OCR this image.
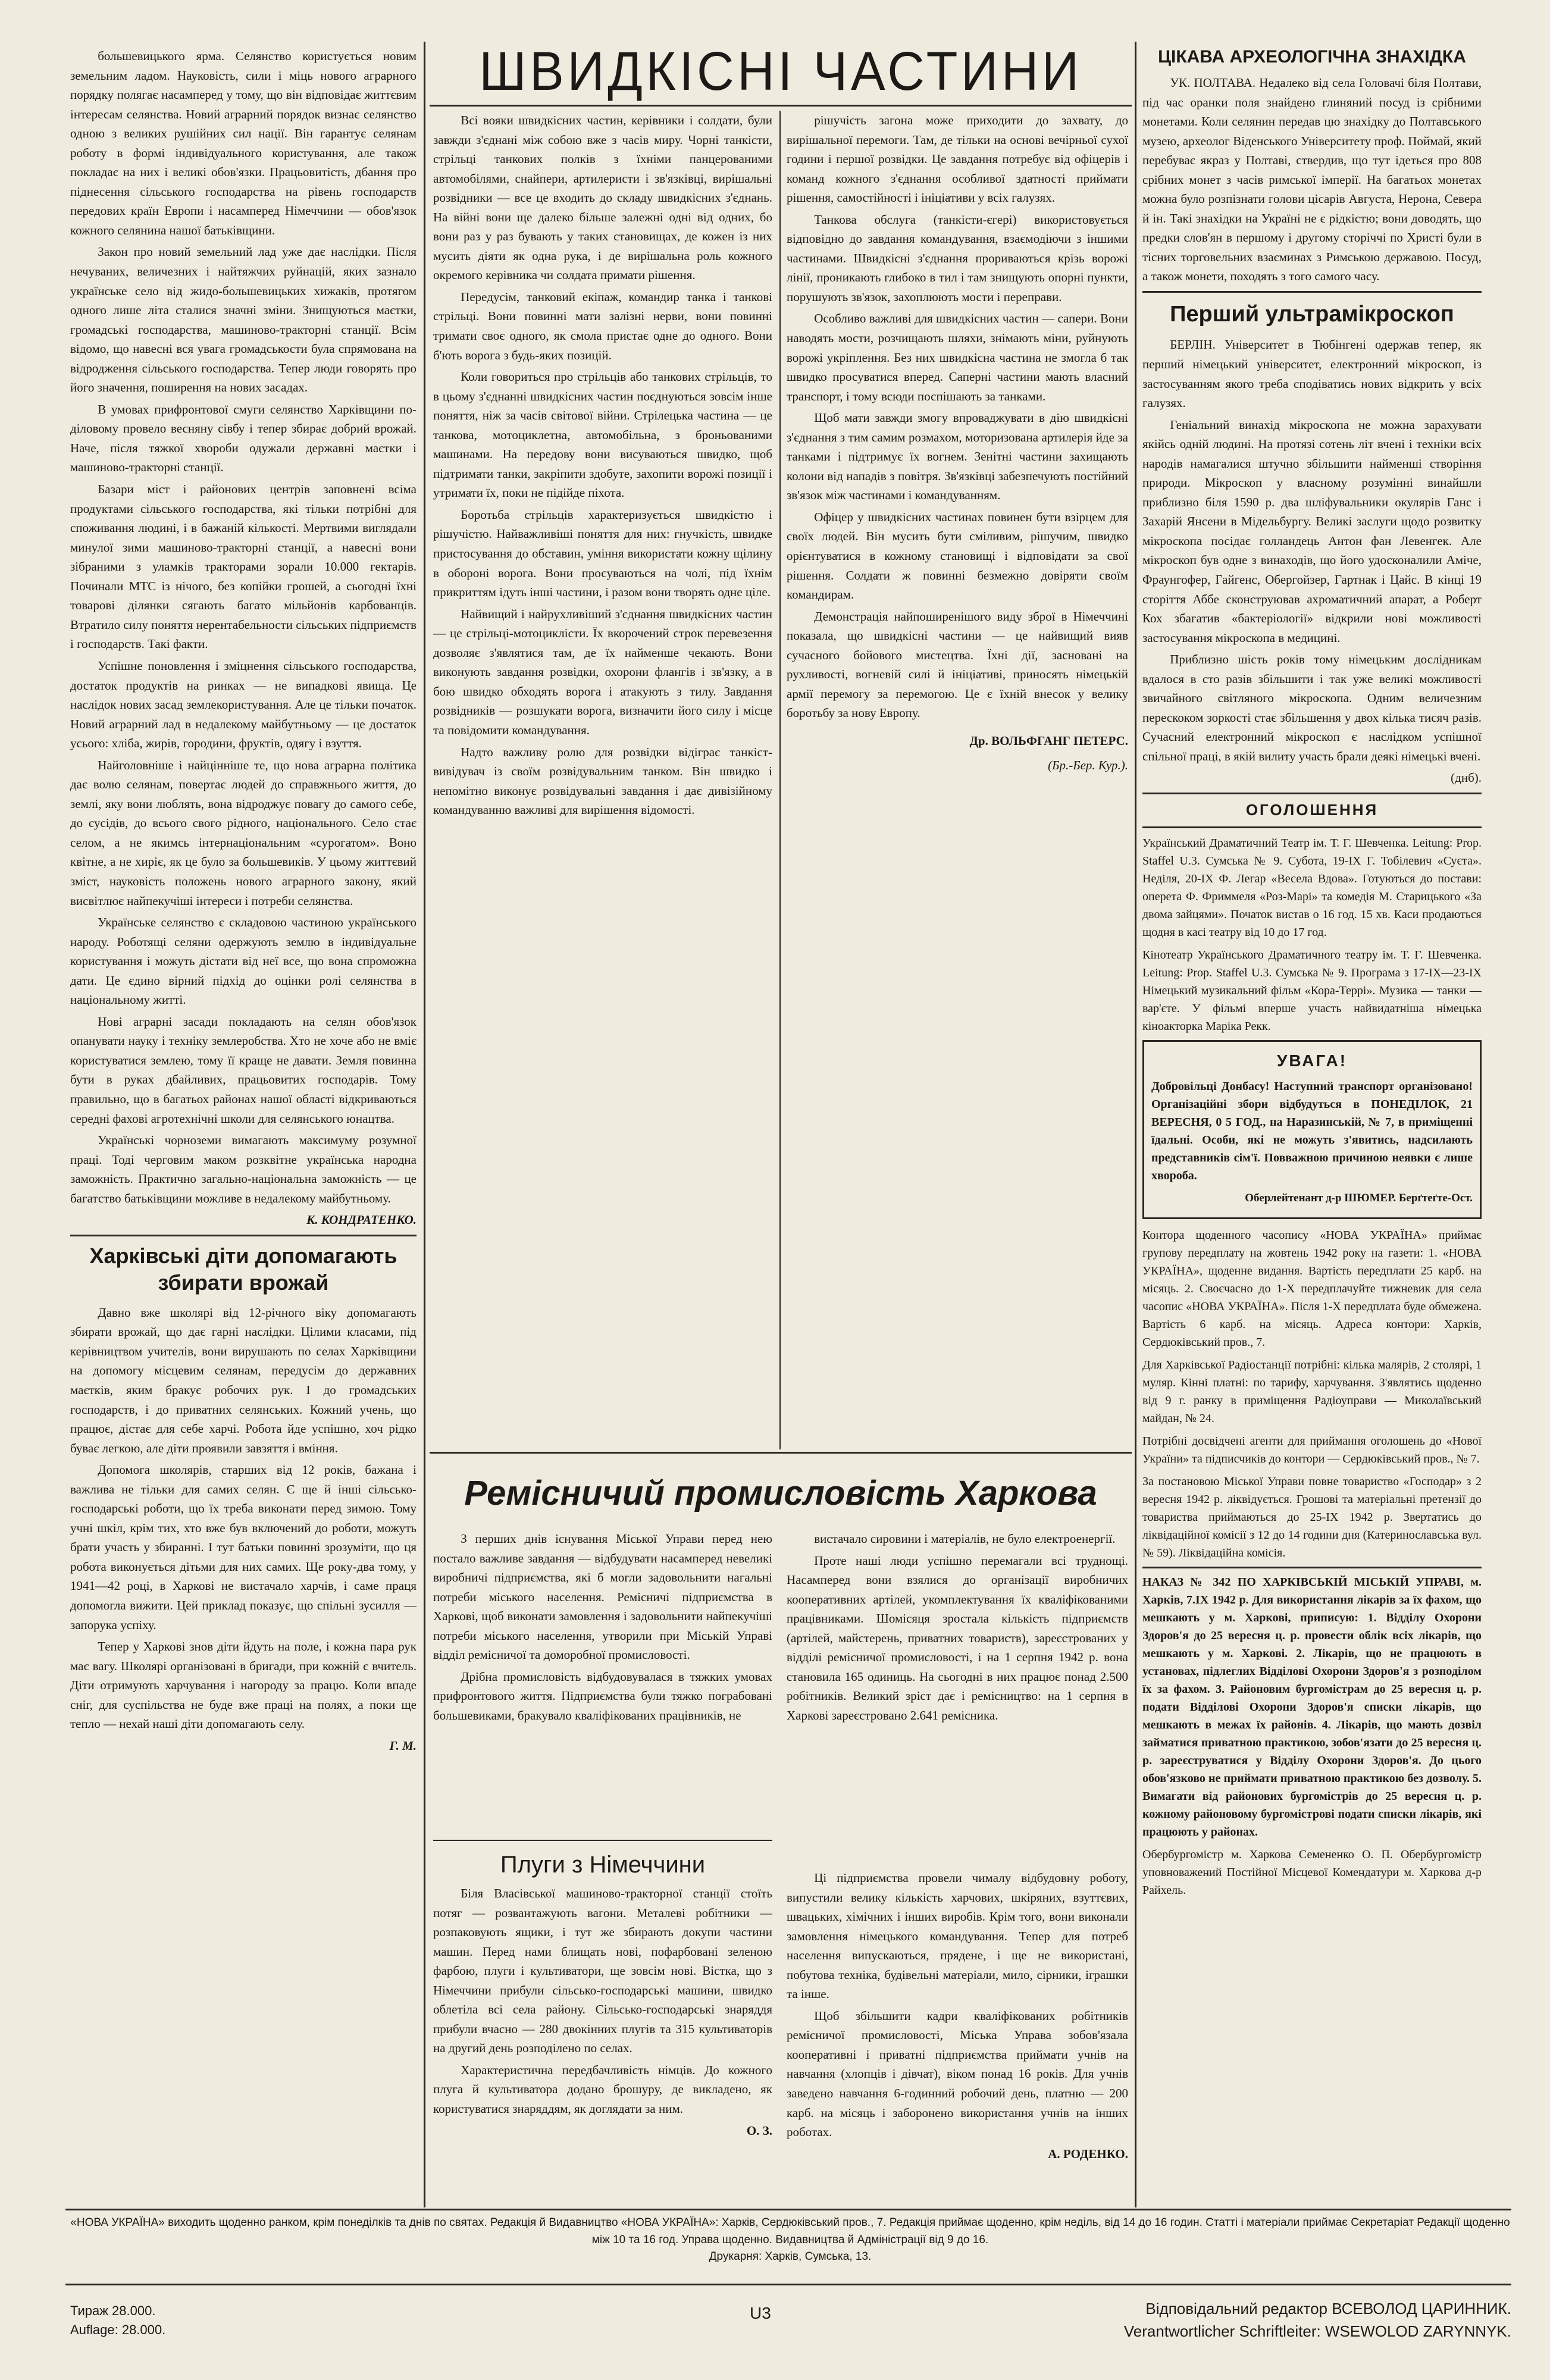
большевицького ярма. Селянство користується новим земельним ладом. Науковість, сили і міць нового аграрного порядку полягає насамперед у тому, що він відповідає життєвим інтересам селянства. Новий аграрний порядок визнає селянство одною з великих рушійних сил нації. Він гарантує селянам роботу в формі індивідуального користування, але також покладає на них і великі обов'язки. Працьовитість, дбання про піднесення сільського господарства на рівень господарств передових країн Европи і насамперед Німеччини — обов'язок кожного селянина нашої батьківщини.

Закон про новий земельний лад уже дає наслідки. Після нечуваних, величезних і найтяжчих руйнацій, яких зазнало українське село від жидо-большевицьких хижаків, протягом одного лише літа сталися значні зміни. Знищуються маєтки, громадські господарства, машиново-тракторні станції. Всім відомо, що навесні вся увага громадськости була спрямована на відродження сільського господарства. Тепер люди говорять про його значення, поширення на нових засадах.

В умовах прифронтової смуги селянство Харківщини по-діловому провело весняну сівбу і тепер збирає добрий врожай. Наче, після тяжкої хвороби одужали державні маєтки і машиново-тракторні станції.

Базари міст і районових центрів заповнені всіма продуктами сільського господарства, які тільки потрібні для споживання людині, і в бажаній кількості. Мертвими виглядали минулої зими машиново-тракторні станції, а навесні вони зібраними з уламків тракторами зорали 10.000 гектарів. Починали МТС із нічого, без копійки грошей, а сьогодні їхні товарові ділянки сягають багато мільйонів карбованців. Втратило силу поняття нерентабельности сільських підприємств і господарств. Такі факти.

Успішне поновлення і зміцнення сільського господарства, достаток продуктів на ринках — не випадкові явища. Це наслідок нових засад землекористування. Але це тільки початок. Новий аграрний лад в недалекому майбутньому — це достаток усього: хліба, жирів, городини, фруктів, одягу і взуття.

Найголовніше і найцінніше те, що нова аграрна політика дає волю селянам, повертає людей до справжнього життя, до землі, яку вони люблять, вона відроджує повагу до самого себе, до сусідів, до всього свого рідного, національного. Село стає селом, а не якимсь інтернаціональним «сурогатом». Воно квітне, а не хиріє, як це було за большевиків. У цьому життєвий зміст, науковість положень нового аграрного закону, який висвітлює найпекучіші інтереси і потреби селянства.

Українське селянство є складовою частиною українського народу. Роботящі селяни одержують землю в індивідуальне користування і можуть дістати від неї все, що вона спроможна дати. Це єдино вірний підхід до оцінки ролі селянства в національному житті.

Нові аграрні засади покладають на селян обов'язок опанувати науку і техніку землеробства. Хто не хоче або не вміє користуватися землею, тому її краще не давати. Земля повинна бути в руках дбайливих, працьовитих господарів. Тому правильно, що в багатьох районах нашої області відкриваються середні фахові агротехнічні школи для селянського юнацтва.

Українські чорноземи вимагають максимуму розумної праці. Тоді черговим маком розквітне українська народна заможність. Практично загально-національна заможність — це багатство батьківщини можливе в недалекому майбутньому.

К. КОНДРАТЕНКО.
Харківські діти допомагають збирати врожай

Давно вже школярі від 12-річного віку допомагають збирати врожай, що дає гарні наслідки. Цілими класами, під керівництвом учителів, вони вирушають по селах Харківщини на допомогу місцевим селянам, передусім до державних маєтків, яким бракує робочих рук. І до громадських господарств, і до приватних селянських. Кожний учень, що працює, дістає для себе харчі. Робота йде успішно, хоч рідко буває легкою, але діти проявили завзяття і вміння.

Допомога школярів, старших від 12 років, бажана і важлива не тільки для самих селян. Є ще й інші сільсько-господарські роботи, що їх треба виконати перед зимою. Тому учні шкіл, крім тих, хто вже був включений до роботи, можуть брати участь у збиранні. І тут батьки повинні зрозуміти, що ця робота виконується дітьми для них самих. Ще року-два тому, у 1941—42 році, в Харкові не вистачало харчів, і саме праця допомогла вижити. Цей приклад показує, що спільні зусилля — запорука успіху.

Тепер у Харкові знов діти йдуть на поле, і кожна пара рук має вагу. Школярі організовані в бригади, при кожній є вчитель. Діти отримують харчування і нагороду за працю. Коли впаде сніг, для суспільства не буде вже праці на полях, а поки ще тепло — нехай наші діти допомагають селу.

Г. М.
ШВИДКІСНІ ЧАСТИНИ

Всі вояки швидкісних частин, керівники і солдати, були завжди з'єднані між собою вже з часів миру. Чорні танкісти, стрільці танкових полків з їхніми панцерованими автомобілями, снайпери, артилеристи і зв'язківці, вирішальні розвідники — все це входить до складу швидкісних з'єднань. На війні вони ще далеко більше залежні одні від одних, бо вони раз у раз бувають у таких становищах, де кожен із них мусить діяти як одна рука, і де вирішальна роль кожного окремого керівника чи солдата примати рішення.

Передусім, танковий екіпаж, командир танка і танкові стрільці. Вони повинні мати залізні нерви, вони повинні тримати своє одного, як смола пристає одне до одного. Вони б'ють ворога з будь-яких позицій.

Коли говориться про стрільців або танкових стрільців, то в цьому з'єднанні швидкісних частин поєднуються зовсім інше поняття, ніж за часів світової війни. Стрілецька частина — це танкова, мотоциклетна, автомобільна, з броньованими машинами. На передову вони висуваються швидко, щоб підтримати танки, закріпити здобуте, захопити ворожі позиції і утримати їх, поки не підійде піхота.

Боротьба стрільців характеризується швидкістю і рішучістю. Найважливіші поняття для них: гнучкість, швидке пристосування до обставин, уміння використати кожну щілину в обороні ворога. Вони просуваються на чолі, під їхнім прикриттям ідуть інші частини, і разом вони творять одне ціле.

Найвищий і найрухливіший з'єднання швидкісних частин — це стрільці-мотоциклісти. Їх вкорочений строк перевезення дозволяє з'являтися там, де їх найменше чекають. Вони виконують завдання розвідки, охорони флангів і зв'язку, а в бою швидко обходять ворога і атакують з тилу. Завдання розвідників — розшукати ворога, визначити його силу і місце та повідомити командування.

Надто важливу ролю для розвідки відіграє танкіст-вивідувач із своїм розвідувальним танком. Він швидко і непомітно виконує розвідувальні завдання і дає дивізійному командуванню важливі для вирішення відомості.

рішучість загона може приходити до захвату, до вирішальної перемоги. Там, де тільки на основі вечірньої сухої години і першої розвідки. Це завдання потребує від офіцерів і команд кожного з'єднання особливої здатності приймати рішення, самостійності і ініціативи у всіх галузях.

Танкова обслуга (танкісти-єгері) використовується відповідно до завдання командування, взаємодіючи з іншими частинами. Швидкісні з'єднання прориваються крізь ворожі лінії, проникають глибоко в тил і там знищують опорні пункти, порушують зв'язок, захоплюють мости і переправи.

Особливо важливі для швидкісних частин — сапери. Вони наводять мости, розчищають шляхи, знімають міни, руйнують ворожі укріплення. Без них швидкісна частина не змогла б так швидко просуватися вперед. Саперні частини мають власний транспорт, і тому всюди поспішають за танками.

Щоб мати завжди змогу впроваджувати в дію швидкісні з'єднання з тим самим розмахом, моторизована артилерія йде за танками і підтримує їх вогнем. Зенітні частини захищають колони від нападів з повітря. Зв'язківці забезпечують постійний зв'язок між частинами і командуванням.

Офіцер у швидкісних частинах повинен бути взірцем для своїх людей. Він мусить бути сміливим, рішучим, швидко орієнтуватися в кожному становищі і відповідати за свої рішення. Солдати ж повинні безмежно довіряти своїм командирам.

Демонстрація найпоширенішого виду зброї в Німеччині показала, що швидкісні частини — це найвищий вияв сучасного бойового мистецтва. Їхні дії, засновані на рухливості, вогневій силі й ініціативі, приносять німецькій армії перемогу за перемогою. Це є їхній внесок у велику боротьбу за нову Европу.

Др. ВОЛЬФГАНГ ПЕТЕРС.
(Бр.-Бер. Кур.).
Ремісничий промисловість Харкова

З перших днів існування Міської Управи перед нею постало важливе завдання — відбудувати насамперед невеликі виробничі підприємства, які б могли задовольнити нагальні потреби міського населення. Ремісничі підприємства в Харкові, щоб виконати замовлення і задовольнити найпекучіші потреби міського населення, утворили при Міській Управі відділ ремісничої та доморобної промисловості.

Дрібна промисловість відбудовувалася в тяжких умовах прифронтового життя. Підприємства були тяжко пограбовані большевиками, бракувало кваліфікованих працівників, не

вистачало сировини і матеріалів, не було електроенергії.

Проте наші люди успішно перемагали всі труднощі. Насамперед вони взялися до організації виробничих кооперативних артілей, укомплектування їх кваліфікованими працівниками. Шомісяця зростала кількість підприємств (артілей, майстерень, приватних товариств), зареєстрованих у відділі ремісничої промисловості, і на 1 серпня 1942 р. вона становила 165 одиниць. На сьогодні в них працює понад 2.500 робітників. Великий зріст дає і ремісництво: на 1 серпня в Харкові зареєстровано 2.641 ремісника.

Плуги з Німеччини

Біля Власівської машиново-тракторної станції стоїть потяг — розвантажують вагони. Металеві робітники — розпаковують ящики, і тут же збирають докупи частини машин. Перед нами блищать нові, пофарбовані зеленою фарбою, плуги і культиватори, ще зовсім нові. Вістка, що з Німеччини прибули сільсько-господарські машини, швидко облетіла всі села району. Сільсько-господарські знаряддя прибули вчасно — 280 двокінних плугів та 315 культиваторів на другий день розподілено по селах.

Характеристична передбачливість німців. До кожного плуга й культиватора додано брошуру, де викладено, як користуватися знаряддям, як доглядати за ним.

О. З.

Ці підприємства провели чималу відбудовну роботу, випустили велику кількість харчових, шкіряних, взуттєвих, швацьких, хімічних і інших виробів. Крім того, вони виконали замовлення німецького командування. Тепер для потреб населення випускаються, прядене, і ще не використані, побутова техніка, будівельні матеріали, мило, сірники, іграшки та інше.

Щоб збільшити кадри кваліфікованих робітників ремісничої промисловості, Міська Управа зобов'язала кооперативні і приватні підприємства приймати учнів на навчання (хлопців і дівчат), віком понад 16 років. Для учнів заведено навчання 6-годинний робочий день, платню — 200 карб. на місяць і заборонено використання учнів на інших роботах.

А. РОДЕНКО.
ЦІКАВА АРХЕОЛОГІЧНА ЗНАХІДКА

УК. ПОЛТАВА. Недалеко від села Головачі біля Полтави, під час оранки поля знайдено глиняний посуд із срібними монетами. Коли селянин передав цю знахідку до Полтавського музею, археолог Віденського Університету проф. Поймай, який перебуває якраз у Полтаві, ствердив, що тут ідеться про 808 срібних монет з часів римської імперії. На багатьох монетах можна було розпізнати голови цісарів Августа, Нерона, Севера й ін. Такі знахідки на Україні не є рідкістю; вони доводять, що предки слов'ян в першому і другому сторіччі по Христі були в тісних торговельних взаєминах з Римською державою. Посуд, а також монети, походять з того самого часу.

Перший ультрамікроскоп

БЕРЛІН. Університет в Тюбінгені одержав тепер, як перший німецький університет, електронний мікроскоп, із застосуванням якого треба сподіватись нових відкрить у всіх галузях.

Геніальний винахід мікроскопа не можна зарахувати якійсь одній людині. На протязі сотень літ вчені і техніки всіх народів намагалися штучно збільшити найменші створіння природи. Мікроскоп у власному розумінні винайшли приблизно біля 1590 р. два шліфувальники окулярів Ганс і Захарій Янсени в Мідельбургу. Великі заслуги щодо розвитку мікроскопа посідає голландець Антон фан Левенгек. Але мікроскоп був одне з винаходів, що його удосконалили Аміче, Фраунгофер, Гайгенс, Обергойзер, Гартнак і Цайс. В кінці 19 сторіття Аббе сконструював ахроматичний апарат, а Роберт Кох збагатив «бактеріології» відкрили нові можливості застосування мікроскопа в медицині.

Приблизно шість років тому німецьким дослідникам вдалося в сто разів збільшити і так уже великі можливості звичайного світляного мікроскопа. Одним величезним перескоком зоркості стає збільшення у двох кілька тисяч разів. Сучасний електронний мікроскоп є наслідком успішної спільної праці, в якій вилиту участь брали деякі німецькі вчені.

(днб).
ОГОЛОШЕННЯ

Український Драматичний Театр ім. Т. Г. Шевченка. Leitung: Prop. Staffel U.3. Сумська № 9. Субота, 19-IX Г. Тобілевич «Суєта». Неділя, 20-IX Ф. Легар «Весела Вдова». Готуються до постави: оперета Ф. Фриммеля «Роз-Марі» та комедія М. Старицького «За двома зайцями». Початок вистав о 16 год. 15 хв. Каси продаються щодня в касі театру від 10 до 17 год.

Кінотеатр Українського Драматичного театру ім. Т. Г. Шевченка. Leitung: Prop. Staffel U.3. Сумська № 9. Програма з 17-IX—23-IX Німецький музикальний фільм «Кора-Террі». Музика — танки — вар'єте. У фільмі вперше участь найвидатніша німецька кіноакторка Маріка Рекк.

УВАГА!

Добровільці Донбасу! Наступний транспорт організовано! Організаційні збори відбудуться в ПОНЕДІЛОК, 21 ВЕРЕСНЯ, 0 5 ГОД., на Наразинській, № 7, в приміщенні їдальні. Особи, які не можуть з'явитись, надсилають представників сім'ї. Повважною причиною неявки є лише хвороба.

Оберлейтенант д-р ШЮМЕР. Берґтеґте-Ост.

Контора щоденного часопису «НОВА УКРАЇНА» приймає групову передплату на жовтень 1942 року на газети: 1. «НОВА УКРАЇНА», щоденне видання. Вартість передплати 25 карб. на місяць. 2. Своєчасно до 1-Х передплачуйте тижневик для села часопис «НОВА УКРАЇНА». Після 1-Х передплата буде обмежена. Вартість 6 карб. на місяць. Адреса контори: Харків, Сердюківський пров., 7.

Для Харківської Радіостанції потрібні: кілька малярів, 2 столярі, 1 муляр. Кінні платні: по тарифу, харчування. З'являтись щоденно від 9 г. ранку в приміщення Радіоуправи — Миколаївський майдан, № 24.

Потрібні досвідчені агенти для приймання оголошень до «Нової України» та підписчиків до контори — Сердюківський пров., № 7.

За постановою Міської Управи повне товариство «Господар» з 2 вересня 1942 р. ліквідується. Грошові та матеріальні претензії до товариства приймаються до 25-IX 1942 р. Звертатись до ліквідаційної комісії з 12 до 14 години дня (Катеринославська вул. № 59). Ліквідаційна комісія.

НАКАЗ № 342 ПО ХАРКІВСЬКІЙ МІСЬКІЙ УПРАВІ, м. Харків, 7.IX 1942 р. Для використання лікарів за їх фахом, що мешкають у м. Харкові, приписую: 1. Відділу Охорони Здоров'я до 25 вересня ц. р. провести облік всіх лікарів, що мешкають у м. Харкові. 2. Лікарів, що не працюють в установах, підлеглих Відділові Охорони Здоров'я з розподілом їх за фахом. 3. Районовим бургомістрам до 25 вересня ц. р. подати Відділові Охорони Здоров'я списки лікарів, що мешкають в межах їх районів. 4. Лікарів, що мають дозвіл займатися приватною практикою, зобов'язати до 25 вересня ц. р. зареєструватися у Відділу Охорони Здоров'я. До цього обов'язково не приймати приватною практикою без дозволу. 5. Вимагати від районових бургомістрів до 25 вересня ц. р. кожному районовому бургомістрові подати списки лікарів, які працюють у районах.

Обербургомістр м. Харкова Семененко О. П. Обербургомістр уповноважений Постійної Місцевої Комендатури м. Харкова д-р Райхель.

«НОВА УКРАЇНА» виходить щоденно ранком, крім понеділків та днів по святах. Редакція й Видавництво «НОВА УКРАЇНА»: Харків, Сердюківський пров., 7. Редакція приймає щоденно, крім неділь, від 14 до 16 годин. Статті і матеріали приймає Секретаріат Редакції щоденно між 10 та 16 год. Управа щоденно. Видавництва й Адміністрації від 9 до 16.
Друкарня: Харків, Сумська, 13.
Тираж 28.000.
Auflage: 28.000.
U3	Відповідальний редактор ВСЕВОЛОД ЦАРИННИК.
Verantwortlicher Schriftleiter: WSEWOLOD ZARYNNYK.
